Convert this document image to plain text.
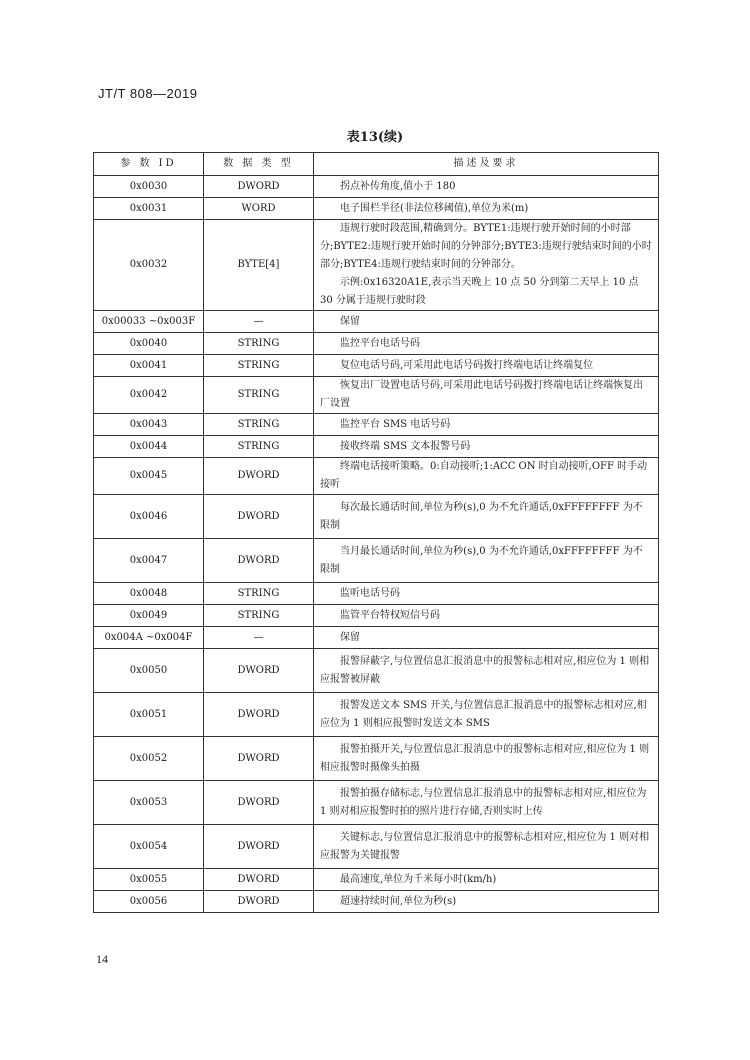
JT/T 808—2019
表13(续)
参 数 ID	数 据 类 型	描述及要求
0x0030	DWORD	拐点补传角度,值小于 180

0x0031	WORD	电子围栏半径(非法位移阈值),单位为米(m)

0x0032	BYTE[4]	违规行驶时段范围,精确到分。BYTE1:违规行驶开始时间的小时部分;BYTE2:违规行驶开始时间的分钟部分;BYTE3:违规行驶结束时间的小时部分;BYTE4:违规行驶结束时间的分钟部分。
示例:0x16320A1E,表示当天晚上 10 点 50 分到第二天早上 10 点 30 分属于违规行驶时段

0x00033 ~0x003F	—	保留

0x0040	STRING	监控平台电话号码

0x0041	STRING	复位电话号码,可采用此电话号码拨打终端电话让终端复位

0x0042	STRING	恢复出厂设置电话号码,可采用此电话号码拨打终端电话让终端恢复出厂设置

0x0043	STRING	监控平台 SMS 电话号码

0x0044	STRING	接收终端 SMS 文本报警号码

0x0045	DWORD	终端电话接听策略。0:自动接听;1:ACC ON 时自动接听,OFF 时手动接听

0x0046	DWORD	每次最长通话时间,单位为秒(s),0 为不允许通话,0xFFFFFFFF 为不限制

0x0047	DWORD	当月最长通话时间,单位为秒(s),0 为不允许通话,0xFFFFFFFF 为不限制

0x0048	STRING	监听电话号码

0x0049	STRING	监管平台特权短信号码

0x004A ~0x004F	—	保留

0x0050	DWORD	报警屏蔽字,与位置信息汇报消息中的报警标志相对应,相应位为 1 则相应报警被屏蔽

0x0051	DWORD	报警发送文本 SMS 开关,与位置信息汇报消息中的报警标志相对应,相应位为 1 则相应报警时发送文本 SMS

0x0052	DWORD	报警拍摄开关,与位置信息汇报消息中的报警标志相对应,相应位为 1 则相应报警时摄像头拍摄

0x0053	DWORD	报警拍摄存储标志,与位置信息汇报消息中的报警标志相对应,相应位为 1 则对相应报警时拍的照片进行存储,否则实时上传

0x0054	DWORD	关键标志,与位置信息汇报消息中的报警标志相对应,相应位为 1 则对相应报警为关键报警

0x0055	DWORD	最高速度,单位为千米每小时(km/h)

0x0056	DWORD	超速持续时间,单位为秒(s)
14
